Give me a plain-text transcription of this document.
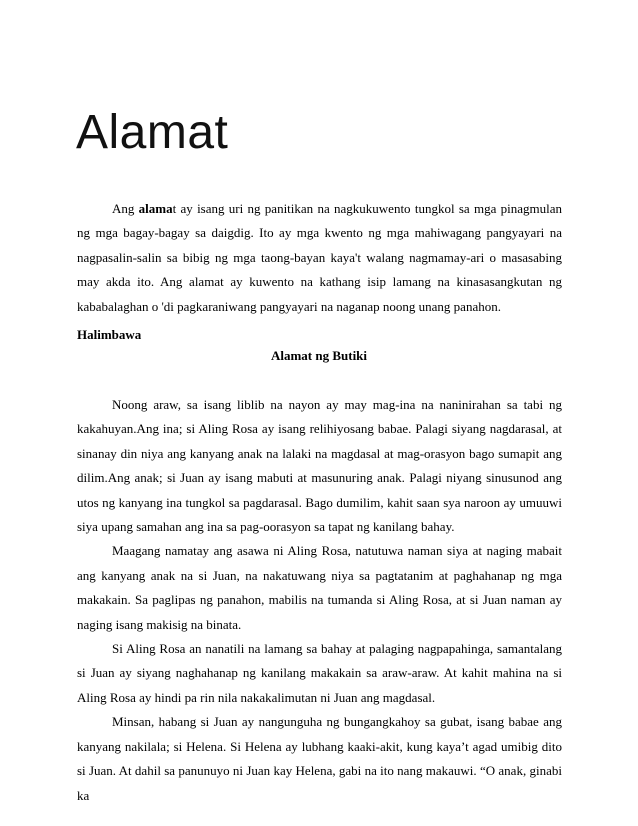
Alamat

Ang alamat ay isang uri ng panitikan na nagkukuwento tungkol sa mga pinagmulan ng mga bagay-bagay sa daigdig. Ito ay mga kwento ng mga mahiwagang pangyayari na nagpasalin-salin sa bibig ng mga taong-bayan kaya't walang nagmamay-ari o masasabing may akda ito. Ang alamat ay kuwento na kathang isip lamang na kinasasangkutan ng kababalaghan o 'di pagkaraniwang pangyayari na naganap noong unang panahon.

Halimbawa

Alamat ng Butiki

Noong araw, sa isang liblib na nayon ay may mag-ina na naninirahan sa tabi ng kakahuyan.Ang ina; si Aling Rosa ay isang relihiyosang babae. Palagi siyang nagdarasal, at sinanay din niya ang kanyang anak na lalaki na magdasal at mag-orasyon bago sumapit ang dilim.Ang anak; si Juan ay isang mabuti at masunuring anak. Palagi niyang sinusunod ang utos ng kanyang ina tungkol sa pagdarasal. Bago dumilim, kahit saan sya naroon ay umuuwi siya upang samahan ang ina sa pag-oorasyon sa tapat ng kanilang bahay.

Maagang namatay ang asawa ni Aling Rosa, natutuwa naman siya at naging mabait ang kanyang anak na si Juan, na nakatuwang niya sa pagtatanim at paghahanap ng mga makakain. Sa paglipas ng panahon, mabilis na tumanda si Aling Rosa, at si Juan naman ay naging isang makisig na binata.

Si Aling Rosa an nanatili na lamang sa bahay at palaging nagpapahinga, samantalang si Juan ay siyang naghahanap ng kanilang makakain sa araw-araw. At kahit mahina na si Aling Rosa ay hindi pa rin nila nakakalimutan ni Juan ang magdasal.

Minsan, habang si Juan ay nangunguha ng bungangkahoy sa gubat, isang babae ang kanyang nakilala; si Helena. Si Helena ay lubhang kaaki-akit, kung kaya’t agad umibig dito si Juan. At dahil sa panunuyo ni Juan kay Helena, gabi na ito nang makauwi. “O anak, ginabi ka
